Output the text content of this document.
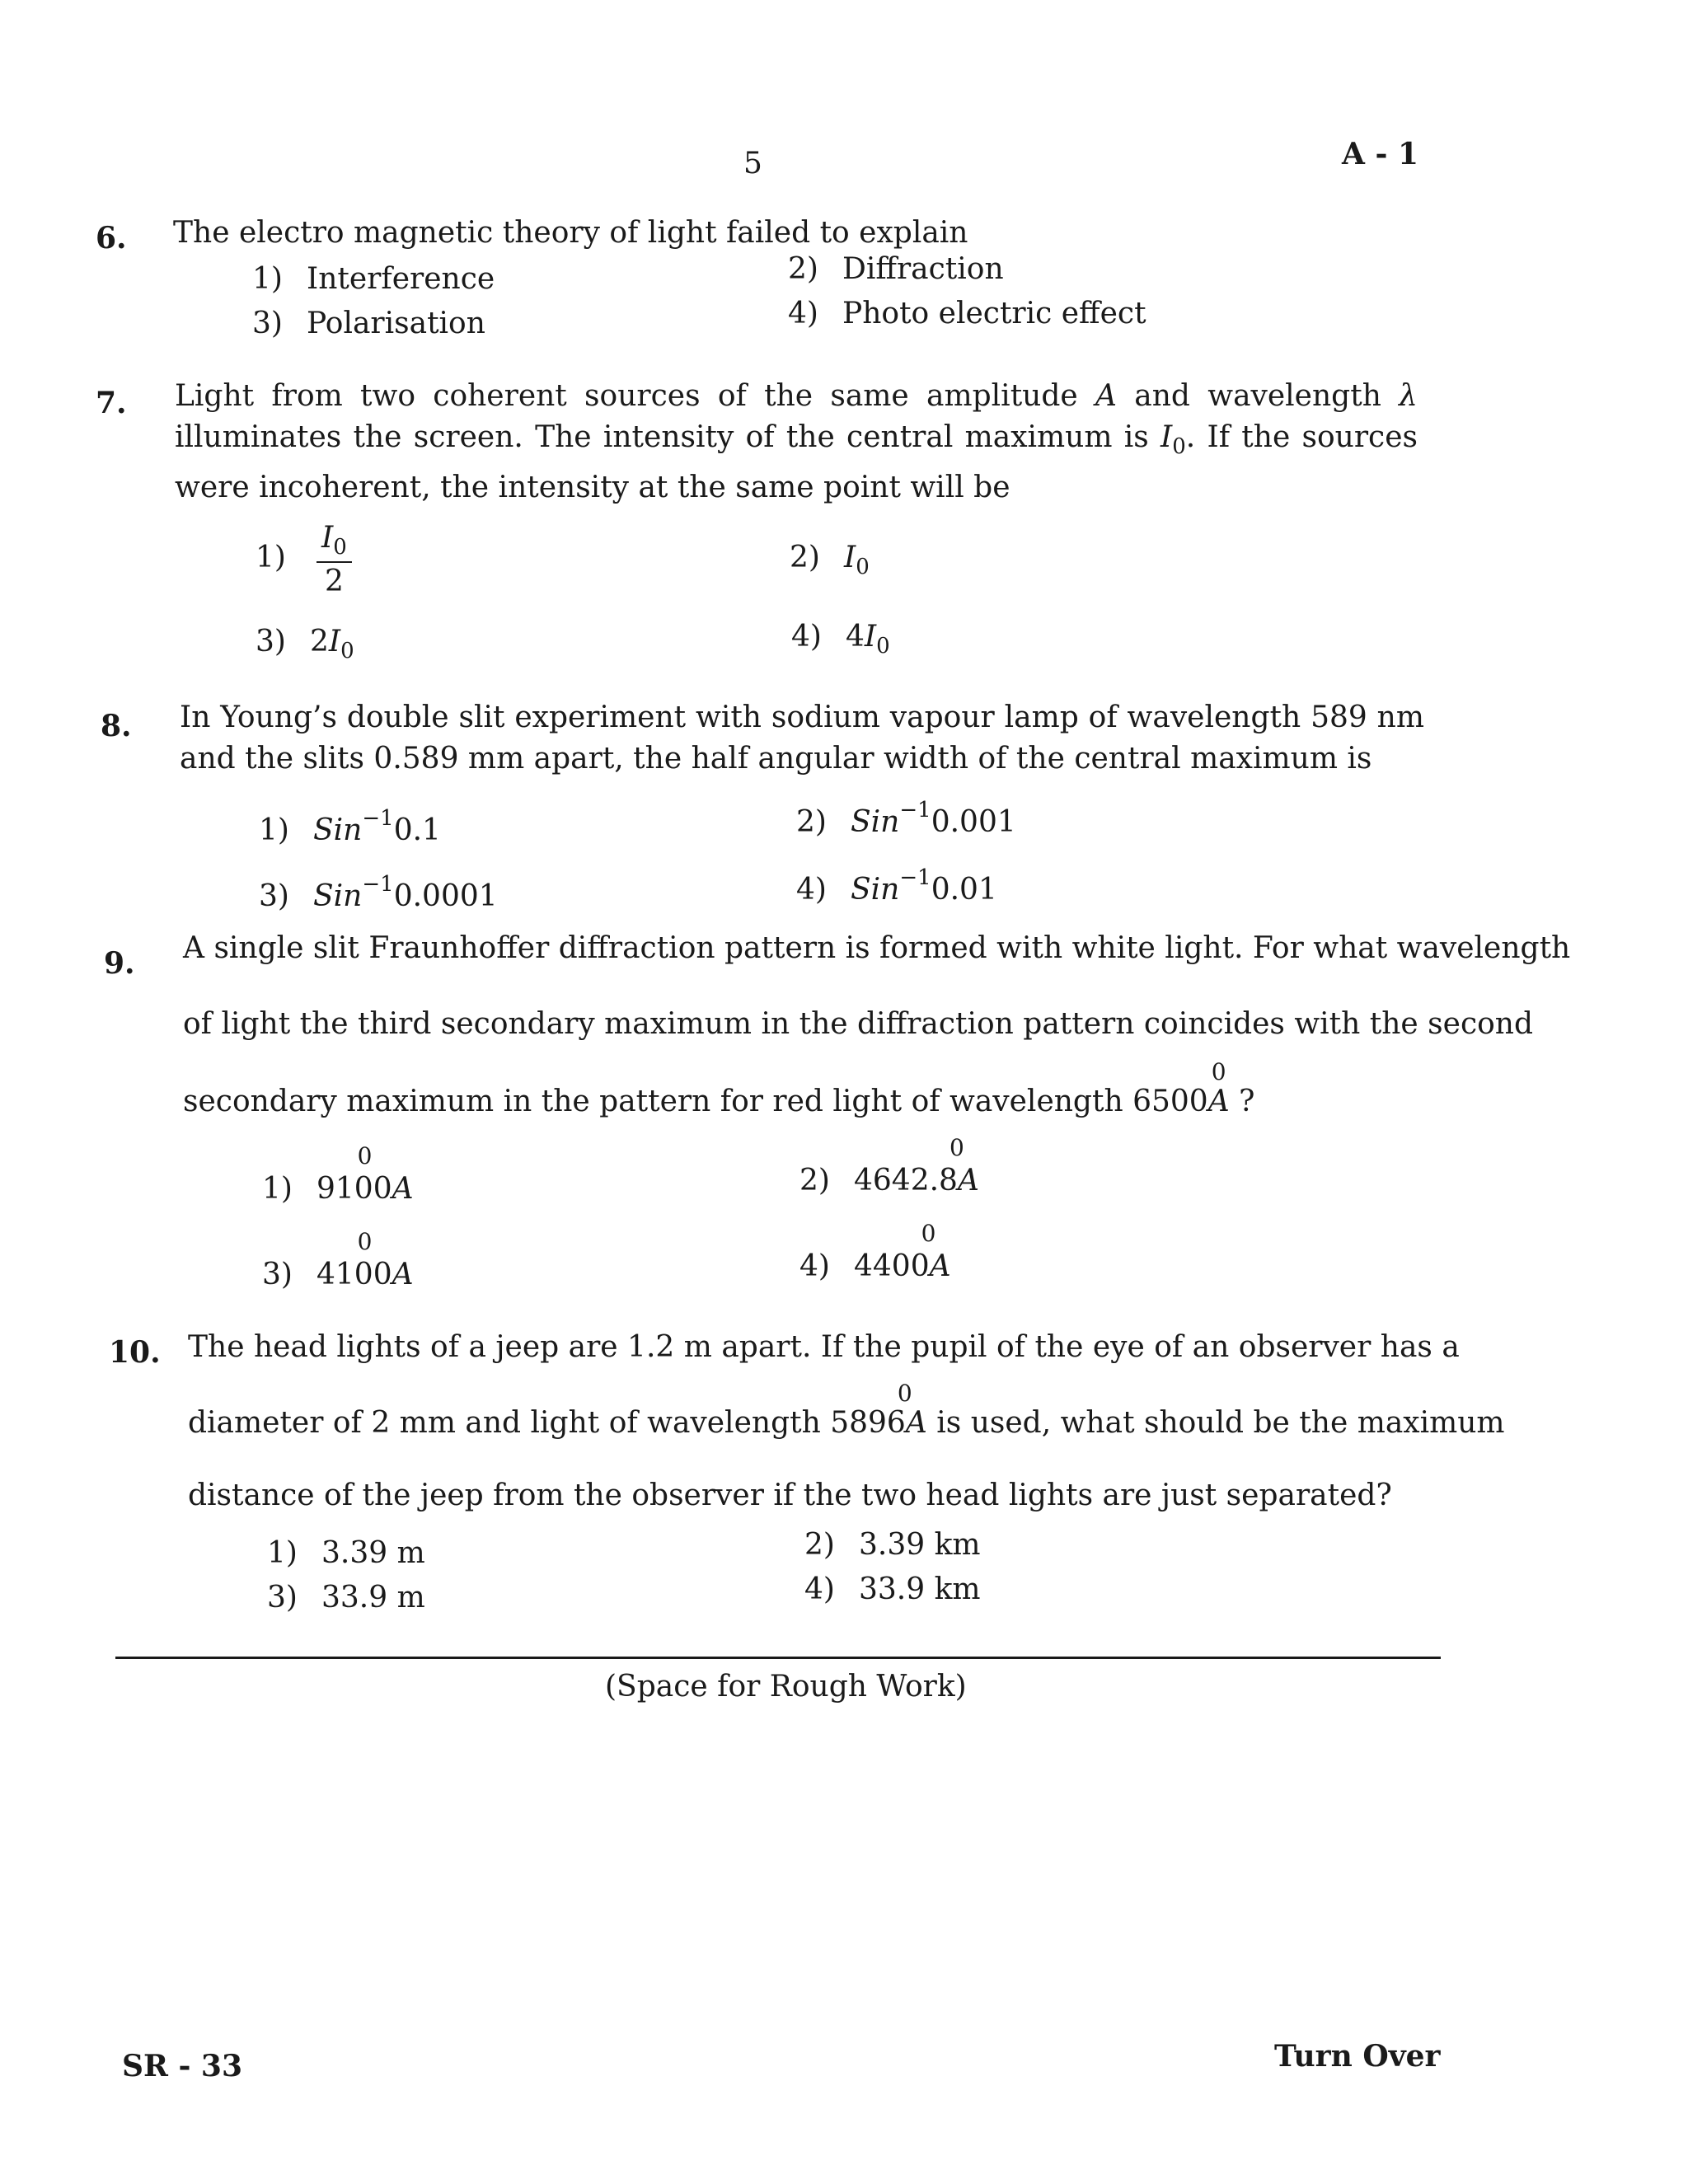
5	A - 1
6. The electro magnetic theory of light failed to explain
1) Interference	2) Diffraction
3) Polarisation	4) Photo electric effect
7. Light from two coherent sources of the same amplitude A and wavelength λ illuminates the screen. The intensity of the central maximum is $I_0$. If the sources were incoherent, the intensity at the same point will be
$1) \frac{I_0}{2}$	2) $I_0$
3) $2I_0$	4) $4I_0$
8. In Young’s double slit experiment with sodium vapour lamp of wavelength 589 nm and the slits 0.589 mm apart, the half angular width of the central maximum is
1) Sin$^{-1}$0.1	2) Sin$^{-1}$0.001
3) Sin$^{-1}$0.0001	4) Sin$^{-1}$0.01
9. A single slit Fraunhoffer diffraction pattern is formed with white light. For what wavelength
of light the third secondary maximum in the diffraction pattern coincides with the second
secondary maximum in the pattern for red light of wavelength 6500
0
A ?
1) 9100
0
A	2) 4642.8
0
A
3) 4100
0
A	4) 4400
0
A
10. The head lights of a jeep are 1.2 m apart. If the pupil of the eye of an observer has a
diameter of 2 mm and light of wavelength 5896
0
A is used, what should be the maximum
distance of the jeep from the observer if the two head lights are just separated?
1) 3.39 m	2) 3.39 km
3) 33.9 m	4) 33.9 km
(Space for Rough Work)
SR - 33	Turn Over
